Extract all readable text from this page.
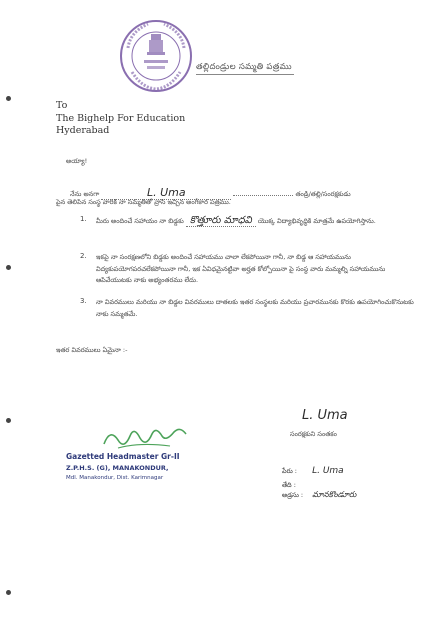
తల్లిదండ్రుల సమ్మతి పత్రము
To
The Bighelp For Education
Hyderabad
అయ్యా!
నేను అనగా	L. Uma	తండ్రి/తల్లి/సంరక్షకుడు
పైన తెలిపిన సంస్థ వారికి నా సమ్మతితో వ్రాసి ఇచ్చిన అంగీకార పత్రము.
1. మీరు అందించే సహాయం నా బిడ్డకు కొత్తూరు మాధవి యొక్క విద్యాభివృద్ధికి మాత్రమే ఉపయోగిస్తాను.
2. ఇకపై నా సంరక్షణలోని బిడ్డకు అందించే సహాయము చాలా లేకపోయినా గానీ, నా బిడ్డ ఆ సహాయమును విద్యకుపయోగపరచలేకపోయినా గానీ, ఇక ఏవిధమైనట్టివా అర్హత కోల్పోయినా పై సంస్థ వారు మమ్మల్ని సహాయమును ఆపివేయుటకు నాకు అభ్యంతరము లేదు.
3. నా వివరములు మరియు నా బిడ్డల వివరములు దాతలకు ఇతర సంస్థలకు మరియు ప్రచారమునకు కొరకు ఉపయోగించుకొనుటకు నాకు సమ్మతమే.
ఇతర వివరములు ఏమైనా :-
Gazetted Headmaster Gr-II
Z.P.H.S. (G), MANAKONDUR,
Mdl. Manakondur, Dist. Karimnagar
L. Uma
సంరక్షకుని సంతకం
పేరు : L. Uma
తేది :
అడ్రసు : మానకొండూరు
